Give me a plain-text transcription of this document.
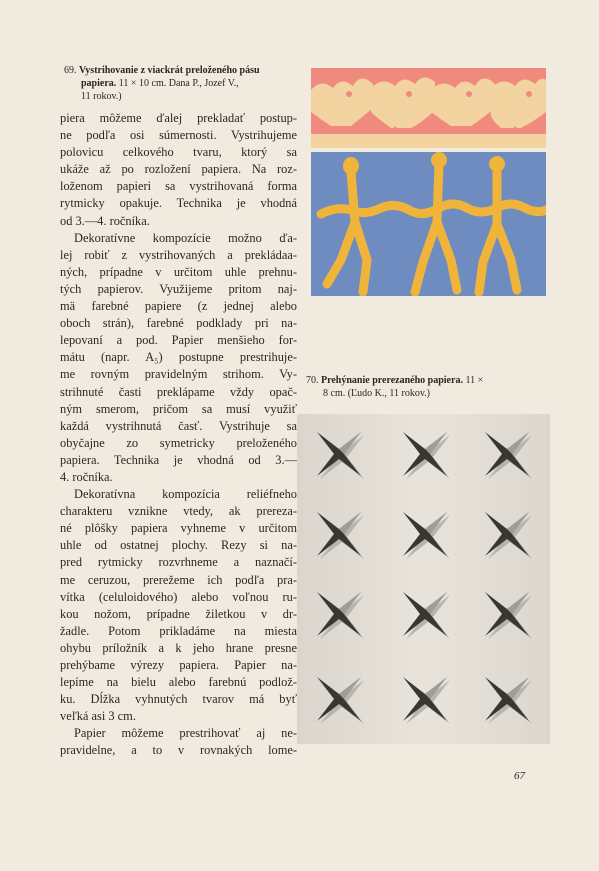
69. Vystrihovanie z viackrát preloženého pásu

papiera. 11 × 10 cm. Dana P., Jozef V.,

11 rokov.)

piera môžeme ďalej prekladať postup-
ne podľa osi súmernosti. Vystrihujeme
polovicu celkového tvaru, ktorý sa
ukáže až po rozložení papiera. Na roz-
loženom papieri sa vystrihovaná forma
rytmicky opakuje. Technika je vhodná
od 3.—4. ročníka.
Dekoratívne kompozície možno ďa-
lej robiť z vystrihovaných a prekládaa-
ných, prípadne v určitom uhle prehnu-
tých papierov. Využijeme pritom naj-
mä farebné papiere (z jednej alebo
oboch strán), farebné podklady pri na-
lepovaní a pod. Papier menšieho for-
mátu (napr. A₅) postupne prestrihuje-
me rovným pravidelným strihom. Vy-
strihnuté časti preklápame vždy opač-
ným smerom, pričom sa musí využiť
každá vystrihnutá časť. Vystrihuje sa
obyčajne zo symetricky preloženého
papiera. Technika je vhodná od 3.—
4. ročníka.
Dekoratívna kompozícia reliéfneho
charakteru vznikne vtedy, ak prereza-
né plôšky papiera vyhneme v určitom
uhle od ostatnej plochy. Rezy si na-
pred rytmicky rozvrhneme a naznačí-
me ceruzou, prerežeme ich podľa pra-
vítka (celuloidového) alebo voľnou ru-
kou nožom, prípadne žiletkou v dr-
žadle. Potom prikladáme na miesta
ohybu príložník a k jeho hrane presne
prehýbame výrezy papiera. Papier na-
lepíme na bielu alebo farebnú podlož-
ku. Dĺžka vyhnutých tvarov má byť
veľká asi 3 cm.
Papier môžeme prestrihovať aj ne-
pravidelne, a to v rovnakých lome-

70. Prehýnanie prerezaného papiera. 11 ×

8 cm. (Ľudo K., 11 rokov.)

67
